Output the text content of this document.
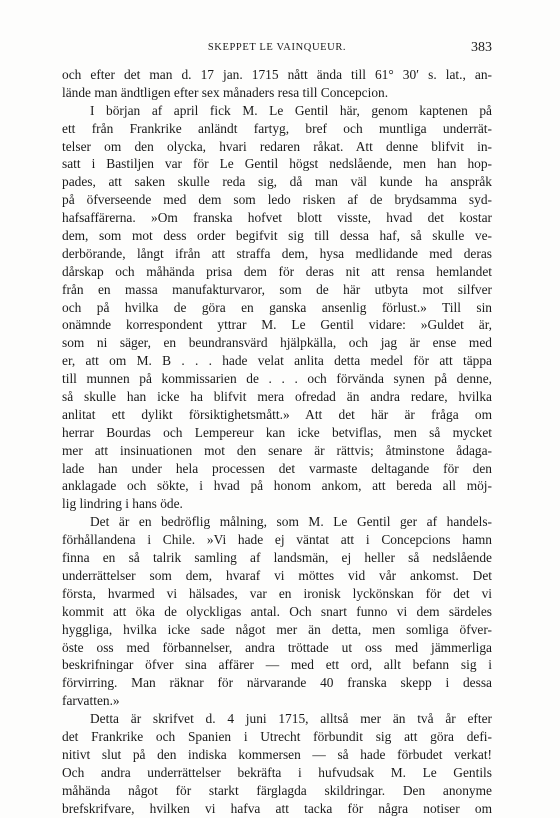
SKEPPET LE VAINQUEUR.	383
och efter det man d. 17 jan. 1715 nått ända till 61° 30′ s. lat., an-
lände man ändtligen efter sex månaders resa till Concepcion.
I början af april fick M. Le Gentil här, genom kaptenen på
ett från Frankrike anländt fartyg, bref och muntliga underrät-
telser om den olycka, hvari redaren råkat. Att denne blifvit in-
satt i Bastiljen var för Le Gentil högst nedslående, men han hop-
pades, att saken skulle reda sig, då man väl kunde ha anspråk
på öfverseende med dem som ledo risken af de brydsamma syd-
hafsaffärerna. »Om franska hofvet blott visste, hvad det kostar
dem, som mot dess order begifvit sig till dessa haf, så skulle ve-
derbörande, långt ifrån att straffa dem, hysa medlidande med deras
dårskap och måhända prisa dem för deras nit att rensa hemlandet
från en massa manufakturvaror, som de här utbyta mot silfver
och på hvilka de göra en ganska ansenlig förlust.» Till sin
onämnde korrespondent yttrar M. Le Gentil vidare: »Guldet är,
som ni säger, en beundransvärd hjälpkälla, och jag är ense med
er, att om M. B . . . hade velat anlita detta medel för att täppa
till munnen på kommissarien de . . . och förvända synen på denne,
så skulle han icke ha blifvit mera ofredad än andra redare, hvilka
anlitat ett dylikt försiktighetsmått.» Att det här är fråga om
herrar Bourdas och Lempereur kan icke betviflas, men så mycket
mer att insinuationen mot den senare är rättvis; åtminstone ådaga-
lade han under hela processen det varmaste deltagande för den
anklagade och sökte, i hvad på honom ankom, att bereda all möj-
lig lindring i hans öde.
Det är en bedröflig målning, som M. Le Gentil ger af handels-
förhållandena i Chile. »Vi hade ej väntat att i Concepcions hamn
finna en så talrik samling af landsmän, ej heller så nedslående
underrättelser som dem, hvaraf vi möttes vid vår ankomst. Det
första, hvarmed vi hälsades, var en ironisk lyckönskan för det vi
kommit att öka de olyckligas antal. Och snart funno vi dem särdeles
hyggliga, hvilka icke sade något mer än detta, men somliga öfver-
öste oss med förbannelser, andra tröttade ut oss med jämmerliga
beskrifningar öfver sina affärer — med ett ord, allt befann sig i
förvirring. Man räknar för närvarande 40 franska skepp i dessa
farvatten.»
Detta är skrifvet d. 4 juni 1715, alltså mer än två år efter
det Frankrike och Spanien i Utrecht förbundit sig att göra defi-
nitivt slut på den indiska kommersen — så hade förbudet verkat!
Och andra underrättelser bekräfta i hufvudsak M. Le Gentils
måhända något för starkt färglagda skildringar. Den anonyme
brefskrifvare, hvilken vi hafva att tacka för några notiser om
